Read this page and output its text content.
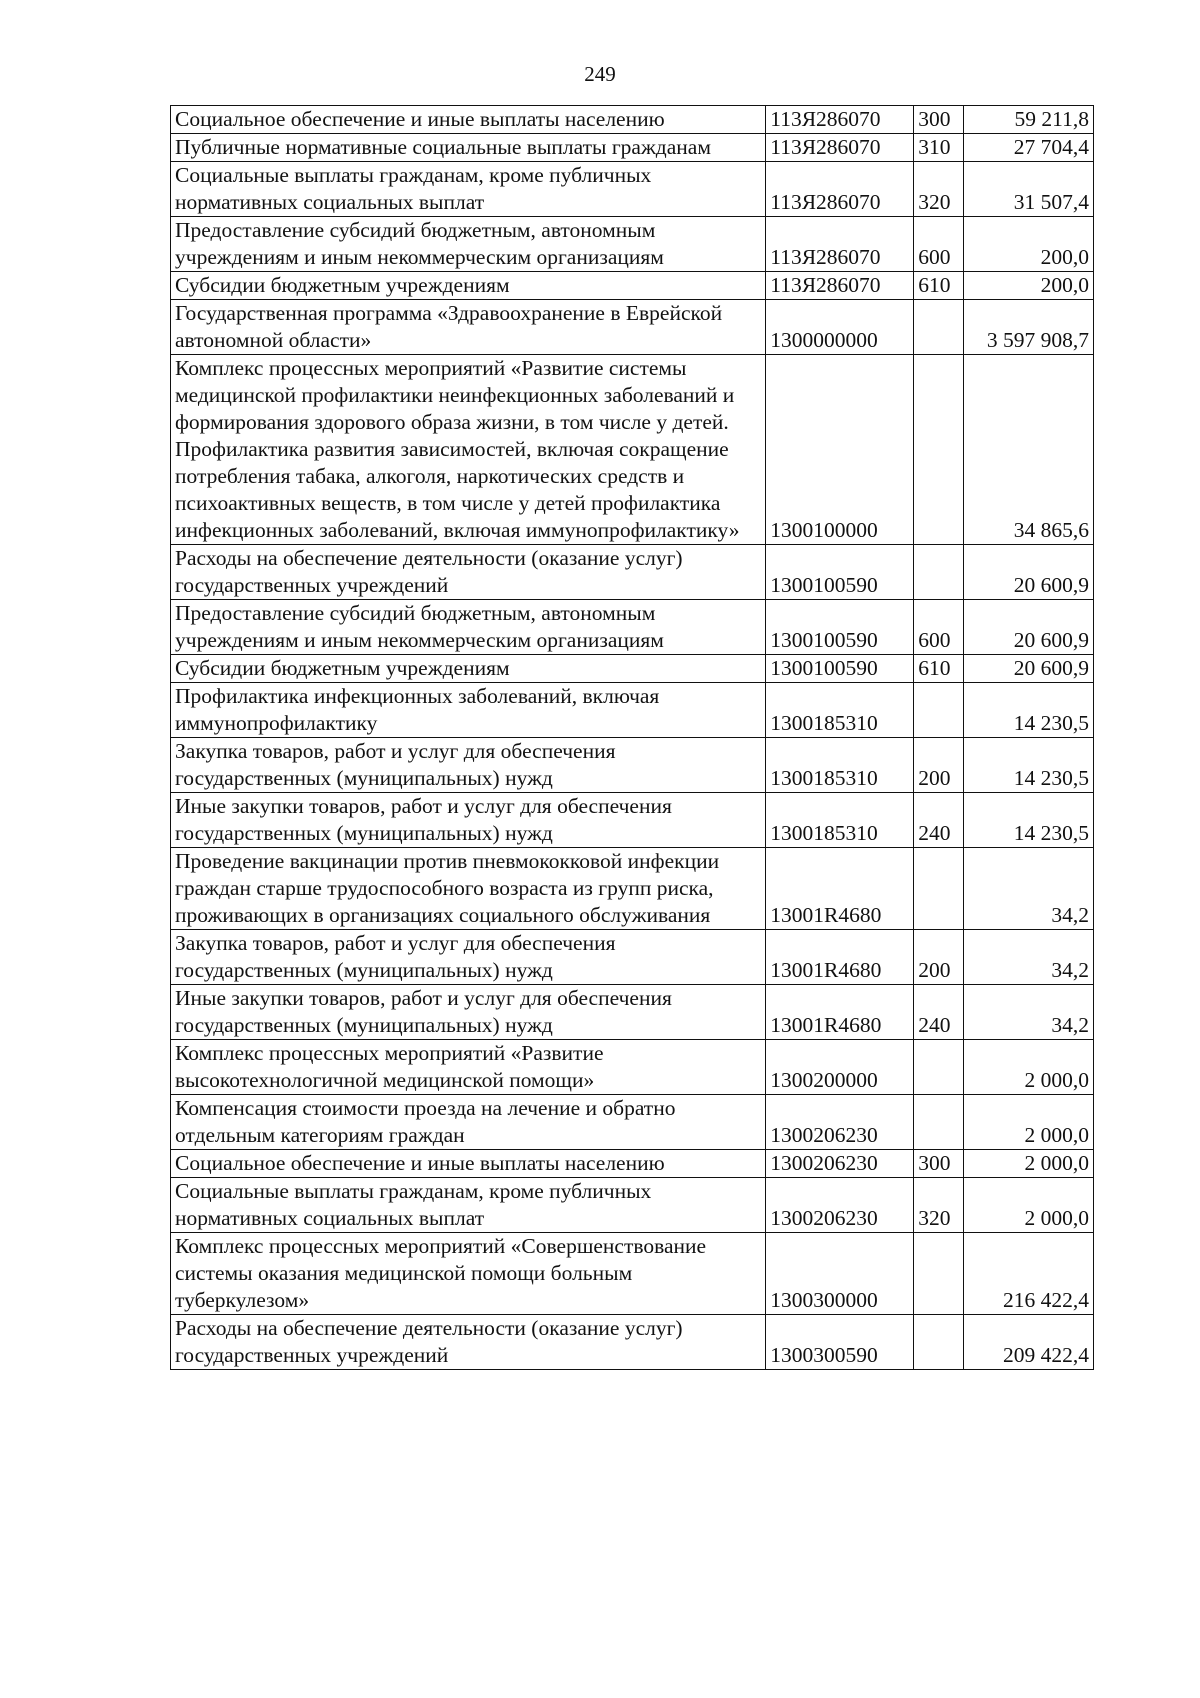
249
Социальное обеспечение и иные выплаты населению	113Я286070	300	59 211,8
Публичные нормативные социальные выплаты гражданам	113Я286070	310	27 704,4
Социальные выплаты гражданам, кроме публичных нормативных социальных выплат	113Я286070	320	31 507,4
Предоставление субсидий бюджетным, автономным учреждениям и иным некоммерческим организациям	113Я286070	600	200,0
Субсидии бюджетным учреждениям	113Я286070	610	200,0
Государственная программа «Здравоохранение в Еврейской автономной области»	1300000000		3 597 908,7
Комплекс процессных мероприятий «Развитие системы медицинской профилактики неинфекционных заболеваний и формирования здорового образа жизни, в том числе у детей. Профилактика развития зависимостей, включая сокращение потребления табака, алкоголя, наркотических средств и психоактивных веществ, в том числе у детей профилактика инфекционных заболеваний, включая иммунопрофилактику»	1300100000		34 865,6
Расходы на обеспечение деятельности (оказание услуг) государственных учреждений	1300100590		20 600,9
Предоставление субсидий бюджетным, автономным учреждениям и иным некоммерческим организациям	1300100590	600	20 600,9
Субсидии бюджетным учреждениям	1300100590	610	20 600,9
Профилактика инфекционных заболеваний, включая иммунопрофилактику	1300185310		14 230,5
Закупка товаров, работ и услуг для обеспечения государственных (муниципальных) нужд	1300185310	200	14 230,5
Иные закупки товаров, работ и услуг для обеспечения государственных (муниципальных) нужд	1300185310	240	14 230,5
Проведение вакцинации против пневмококковой инфекции граждан старше трудоспособного возраста из групп риска, проживающих в организациях социального обслуживания	13001R4680		34,2
Закупка товаров, работ и услуг для обеспечения государственных (муниципальных) нужд	13001R4680	200	34,2
Иные закупки товаров, работ и услуг для обеспечения государственных (муниципальных) нужд	13001R4680	240	34,2
Комплекс процессных мероприятий «Развитие высокотехнологичной медицинской помощи»	1300200000		2 000,0
Компенсация стоимости проезда на лечение и обратно отдельным категориям граждан	1300206230		2 000,0
Социальное обеспечение и иные выплаты населению	1300206230	300	2 000,0
Социальные выплаты гражданам, кроме публичных нормативных социальных выплат	1300206230	320	2 000,0
Комплекс процессных мероприятий «Совершенствование системы оказания медицинской помощи больным туберкулезом»	1300300000		216 422,4
Расходы на обеспечение деятельности (оказание услуг) государственных учреждений	1300300590		209 422,4
